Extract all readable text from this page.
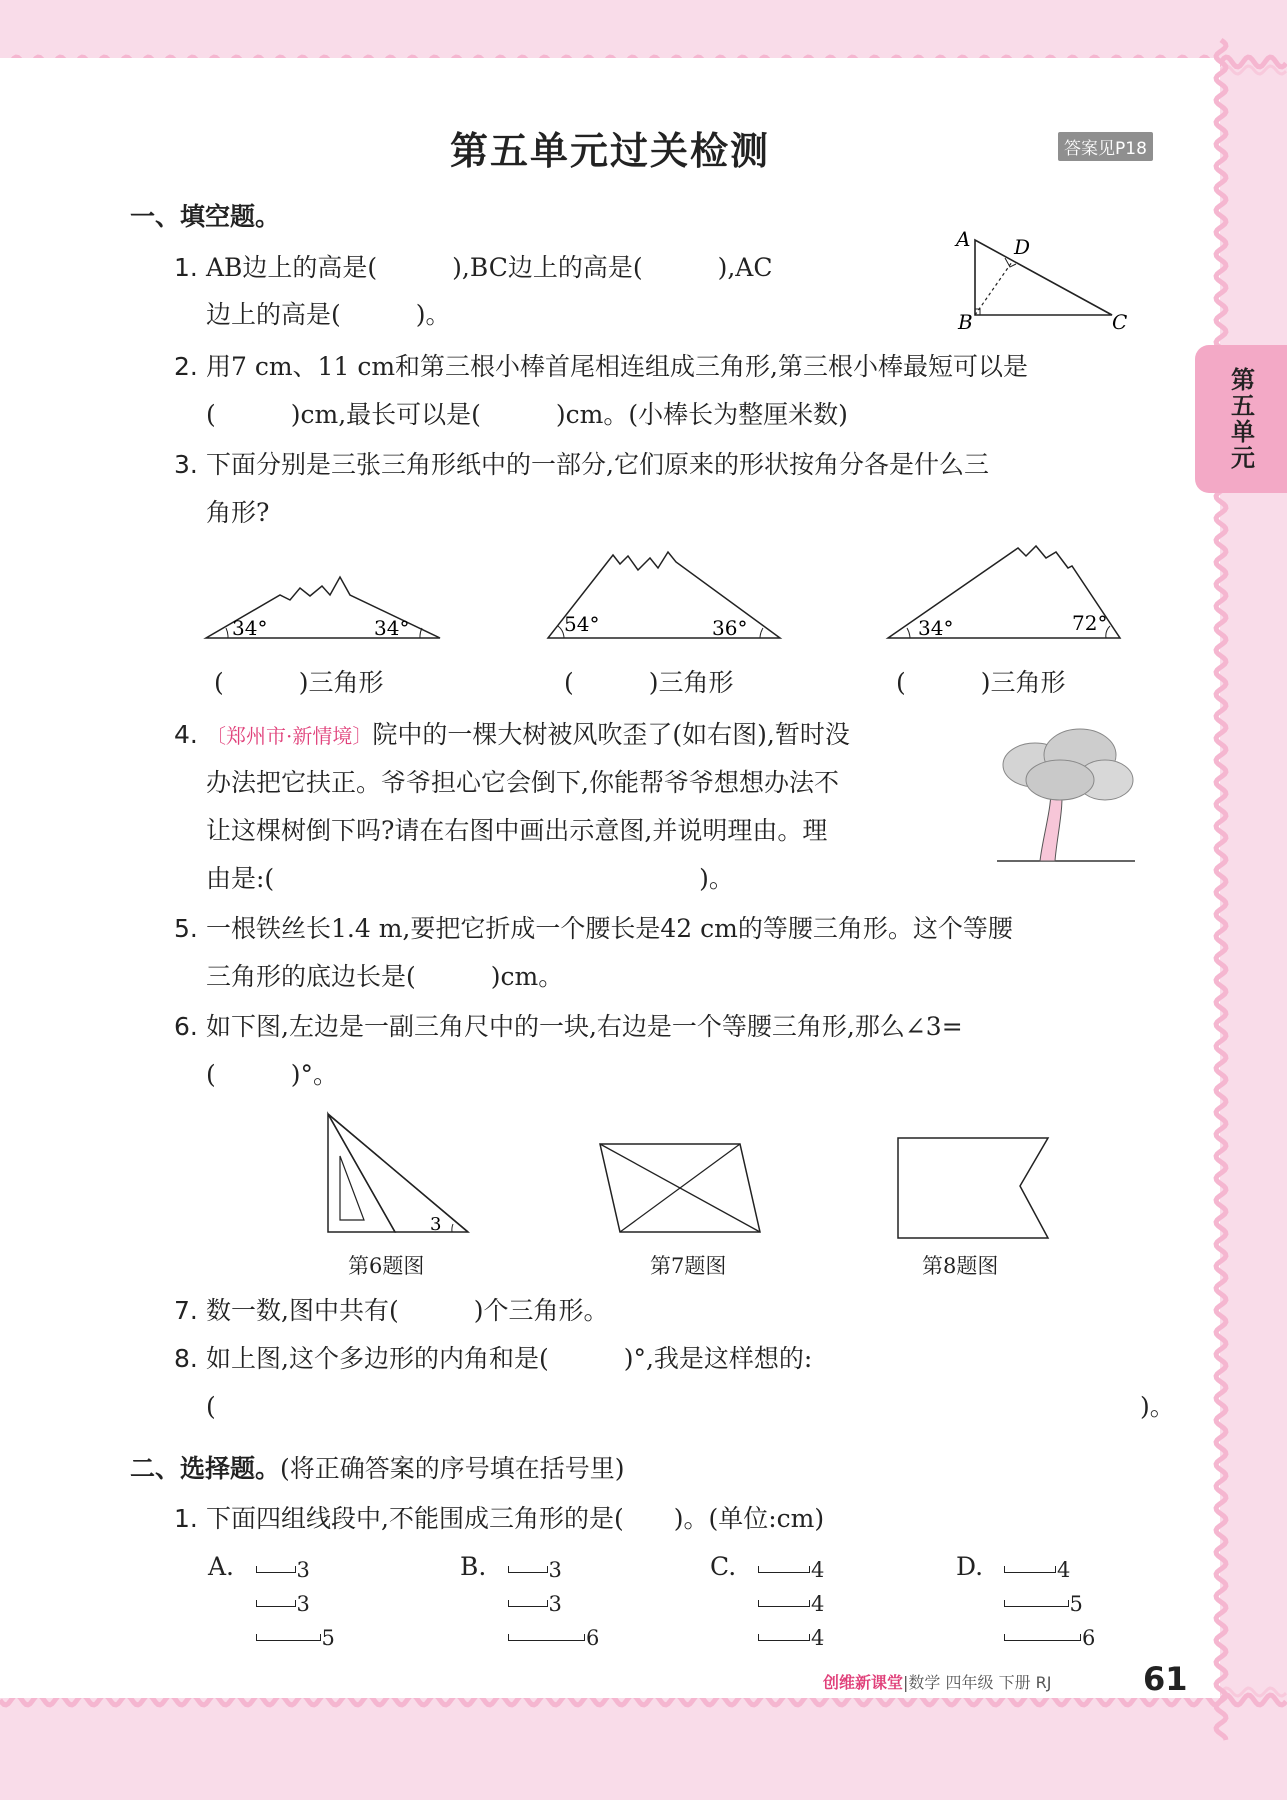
第五单元过关检测	答案见P18
第五单元
一、填空题。
1. AB边上的高是(　　　),BC边上的高是(　　　),AC
边上的高是(　　　)。
A D
B	C
2. 用7 cm、11 cm和第三根小棒首尾相连组成三角形,第三根小棒最短可以是
(　　　)cm,最长可以是(　　　)cm。(小棒长为整厘米数)
3. 下面分别是三张三角形纸中的一部分,它们原来的形状按角分各是什么三
角形?
34°	34°	54°	36°	34°	72°
(　　　)三角形	(　　　)三角形	(　　　)三角形
4. 〔郑州市·新情境〕院中的一棵大树被风吹歪了(如右图),暂时没
办法把它扶正。爷爷担心它会倒下,你能帮爷爷想想办法不
让这棵树倒下吗?请在右图中画出示意图,并说明理由。理
由是:(　　　　　　　　　　　　　　　　　)。
5. 一根铁丝长1.4 m,要把它折成一个腰长是42 cm的等腰三角形。这个等腰
三角形的底边长是(　　　)cm。
6. 如下图,左边是一副三角尺中的一块,右边是一个等腰三角形,那么∠3=
(　　　)°。
3
第6题图	第7题图	第8题图
7. 数一数,图中共有(　　　)个三角形。
8. 如上图,这个多边形的内角和是(　　　)°,我是这样想的:
(	)。
二、选择题。(将正确答案的序号填在括号里)
1. 下面四组线段中,不能围成三角形的是(　　)。(单位:cm)
A.	3
3
5
B.	3
3
6
C.	4
4
4
D.	4
5
6
创维新课堂|数学 四年级 下册 RJ	61
